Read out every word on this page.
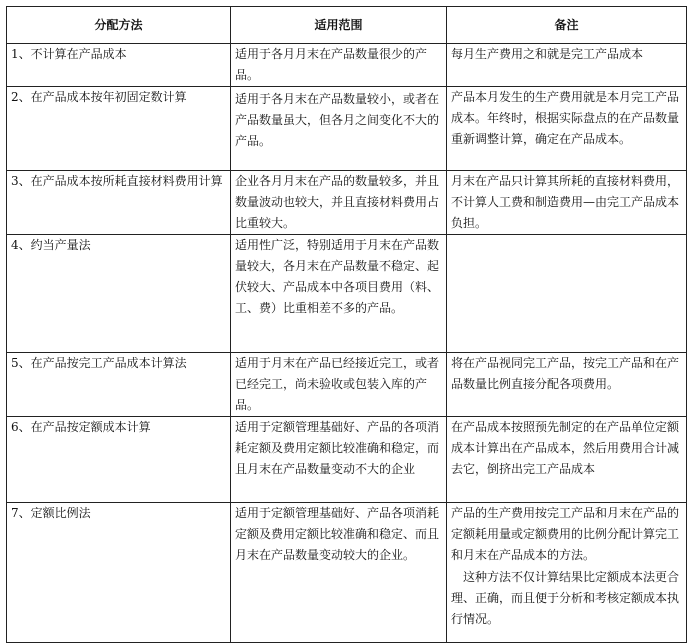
分配方法	适用范围	备注
1、不计算在产品成本	适用于各月月末在产品数量很少的产品。	每月生产费用之和就是完工产品成本
2、在产品成本按年初固定数计算	适用于各月末在产品数量较小，或者在产品数量虽大，但各月之间变化不大的产品。	产品本月发生的生产费用就是本月完工产品成本。年终时，根据实际盘点的在产品数量重新调整计算，确定在产品成本。
3、在产品成本按所耗直接材料费用计算	企业各月月末在产品的数量较多，并且数量波动也较大，并且直接材料费用占比重较大。	月末在产品只计算其所耗的直接材料费用，不计算人工费和制造费用—由完工产品成本负担。
4、约当产量法	适用性广泛，特别适用于月末在产品数量较大，各月末在产品数量不稳定、起伏较大、产品成本中各项目费用（料、工、费）比重相差不多的产品。	
5、在产品按完工产品成本计算法	适用于月末在产品已经接近完工，或者已经完工，尚未验收或包装入库的产品。	将在产品视同完工产品，按完工产品和在产品数量比例直接分配各项费用。
6、在产品按定额成本计算	适用于定额管理基础好、产品的各项消耗定额及费用定额比较准确和稳定，而且月末在产品数量变动不大的企业	在产品成本按照预先制定的在产品单位定额成本计算出在产品成本，然后用费用合计减去它，倒挤出完工产品成本
7、定额比例法	适用于定额管理基础好、产品各项消耗定额及费用定额比较准确和稳定、而且月末在产品数量变动较大的企业。	产品的生产费用按完工产品和月末在产品的定额耗用量或定额费用的比例分配计算完工和月末在产品成本的方法。
这种方法不仅计算结果比定额成本法更合理、正确，而且便于分析和考核定额成本执行情况。
